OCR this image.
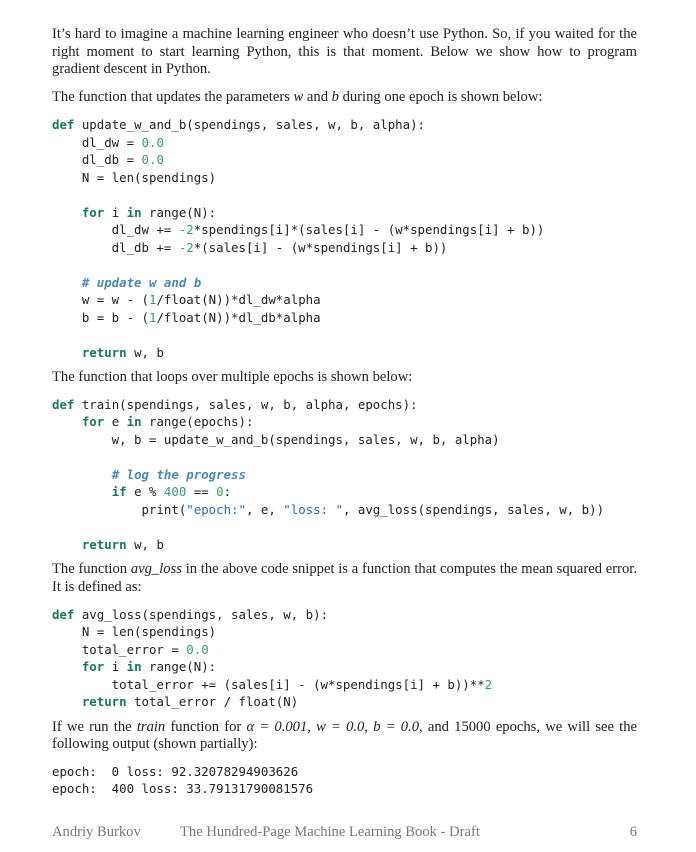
It’s hard to imagine a machine learning engineer who doesn’t use Python. So, if you waited for the right moment to start learning Python, this is that moment. Below we show how to program gradient descent in Python.

The function that updates the parameters w and b during one epoch is shown below:

def update_w_and_b(spendings, sales, w, b, alpha):
dl_dw = 0.0
dl_db = 0.0
N = len(spendings)

for i in range(N):
dl_dw += -2*spendings[i]*(sales[i] - (w*spendings[i] + b))
dl_db += -2*(sales[i] - (w*spendings[i] + b))

# update w and b
w = w - (1/float(N))*dl_dw*alpha
b = b - (1/float(N))*dl_db*alpha

return w, b

The function that loops over multiple epochs is shown below:

def train(spendings, sales, w, b, alpha, epochs):
for e in range(epochs):
w, b = update_w_and_b(spendings, sales, w, b, alpha)

# log the progress
if e % 400 == 0:
print("epoch:", e, "loss: ", avg_loss(spendings, sales, w, b))

return w, b

The function avg_loss in the above code snippet is a function that computes the mean squared error. It is defined as:

def avg_loss(spendings, sales, w, b):
N = len(spendings)
total_error = 0.0
for i in range(N):
total_error += (sales[i] - (w*spendings[i] + b))**2
return total_error / float(N)

If we run the train function for α = 0.001, w = 0.0, b = 0.0, and 15000 epochs, we will see the following output (shown partially):

epoch:  0 loss: 92.32078294903626
epoch:  400 loss: 33.79131790081576
Andriy Burkov	The Hundred-Page Machine Learning Book - Draft	6
